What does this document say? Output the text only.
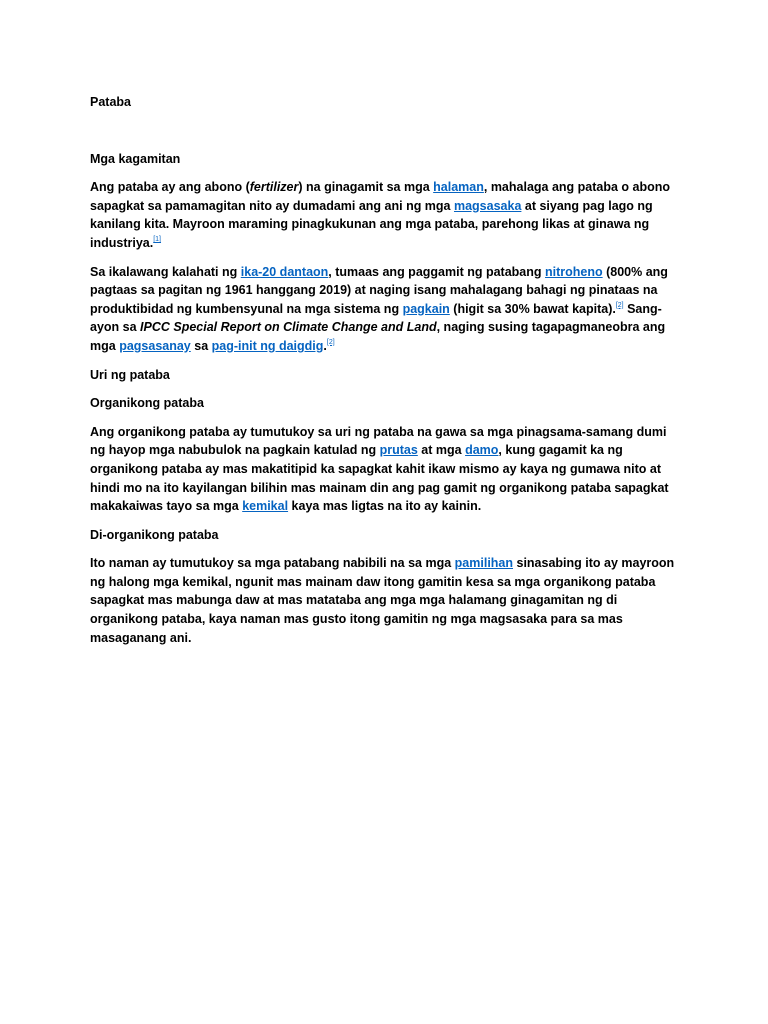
Pataba

Mga kagamitan

Ang pataba ay ang abono (fertilizer) na ginagamit sa mga halaman, mahalaga ang pataba o abono sapagkat sa pamamagitan nito ay dumadami ang ani ng mga magsasaka at siyang pag lago ng kanilang kita. Mayroon maraming pinagkukunan ang mga pataba, parehong likas at ginawa ng industriya.[1]

Sa ikalawang kalahati ng ika-20 dantaon, tumaas ang paggamit ng patabang nitroheno (800% ang pagtaas sa pagitan ng 1961 hanggang 2019) at naging isang mahalagang bahagi ng pinataas na produktibidad ng kumbensyunal na mga sistema ng pagkain (higit sa 30% bawat kapita).[2] Sang-ayon sa IPCC Special Report on Climate Change and Land, naging susing tagapagmaneobra ang mga pagsasanay sa pag-init ng daigdig.[2]

Uri ng pataba

Organikong pataba

Ang organikong pataba ay tumutukoy sa uri ng pataba na gawa sa mga pinagsama-samang dumi ng hayop mga nabubulok na pagkain katulad ng prutas at mga damo, kung gagamit ka ng organikong pataba ay mas makatitipid ka sapagkat kahit ikaw mismo ay kaya ng gumawa nito at hindi mo na ito kayilangan bilihin mas mainam din ang pag gamit ng organikong pataba sapagkat makakaiwas tayo sa mga kemikal kaya mas ligtas na ito ay kainin.

Di-organikong pataba

Ito naman ay tumutukoy sa mga patabang nabibili na sa mga pamilihan sinasabing ito ay mayroon ng halong mga kemikal, ngunit mas mainam daw itong gamitin kesa sa mga organikong pataba sapagkat mas mabunga daw at mas matataba ang mga mga halamang ginagamitan ng di organikong pataba, kaya naman mas gusto itong gamitin ng mga magsasaka para sa mas masaganang ani.
